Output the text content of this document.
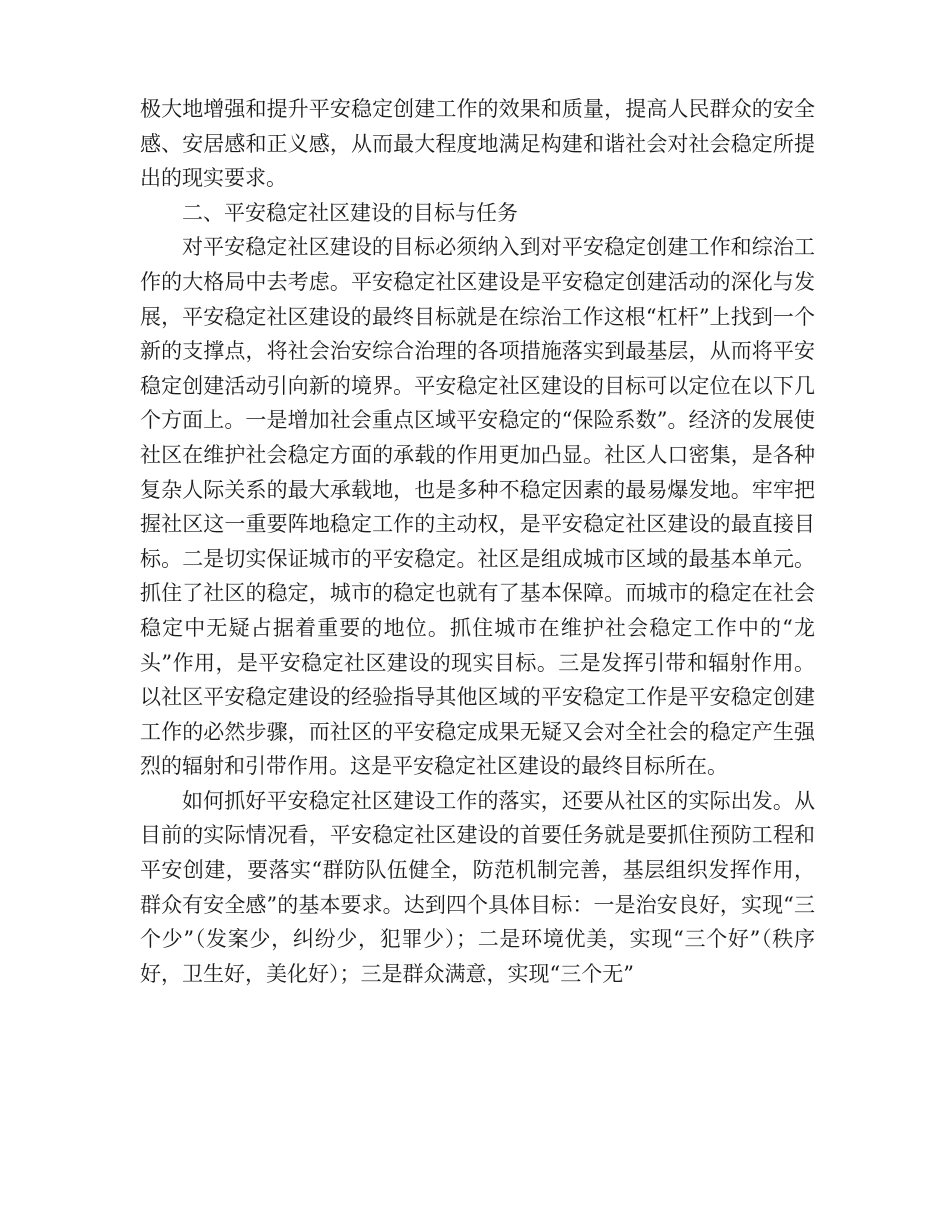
极大地增强和提升平安稳定创建工作的效果和质量，提高人民群众的安全感、安居感和正义感，从而最大程度地满足构建和谐社会对社会稳定所提出的现实要求。

二、平安稳定社区建设的目标与任务

对平安稳定社区建设的目标必须纳入到对平安稳定创建工作和综治工作的大格局中去考虑。平安稳定社区建设是平安稳定创建活动的深化与发展，平安稳定社区建设的最终目标就是在综治工作这根“杠杆”上找到一个新的支撑点，将社会治安综合治理的各项措施落实到最基层，从而将平安稳定创建活动引向新的境界。平安稳定社区建设的目标可以定位在以下几个方面上。一是增加社会重点区域平安稳定的“保险系数”。经济的发展使社区在维护社会稳定方面的承载的作用更加凸显。社区人口密集，是各种复杂人际关系的最大承载地，也是多种不稳定因素的最易爆发地。牢牢把握社区这一重要阵地稳定工作的主动权，是平安稳定社区建设的最直接目标。二是切实保证城市的平安稳定。社区是组成城市区域的最基本单元。抓住了社区的稳定，城市的稳定也就有了基本保障。而城市的稳定在社会稳定中无疑占据着重要的地位。抓住城市在维护社会稳定工作中的“龙头”作用，是平安稳定社区建设的现实目标。三是发挥引带和辐射作用。以社区平安稳定建设的经验指导其他区域的平安稳定工作是平安稳定创建工作的必然步骤，而社区的平安稳定成果无疑又会对全社会的稳定产生强烈的辐射和引带作用。这是平安稳定社区建设的最终目标所在。

如何抓好平安稳定社区建设工作的落实，还要从社区的实际出发。从目前的实际情况看，平安稳定社区建设的首要任务就是要抓住预防工程和平安创建，要落实“群防队伍健全，防范机制完善，基层组织发挥作用，群众有安全感”的基本要求。达到四个具体目标：一是治安良好，实现“三个少”（发案少，纠纷少，犯罪少）；二是环境优美，实现“三个好”（秩序好，卫生好，美化好）；三是群众满意，实现“三个无”
